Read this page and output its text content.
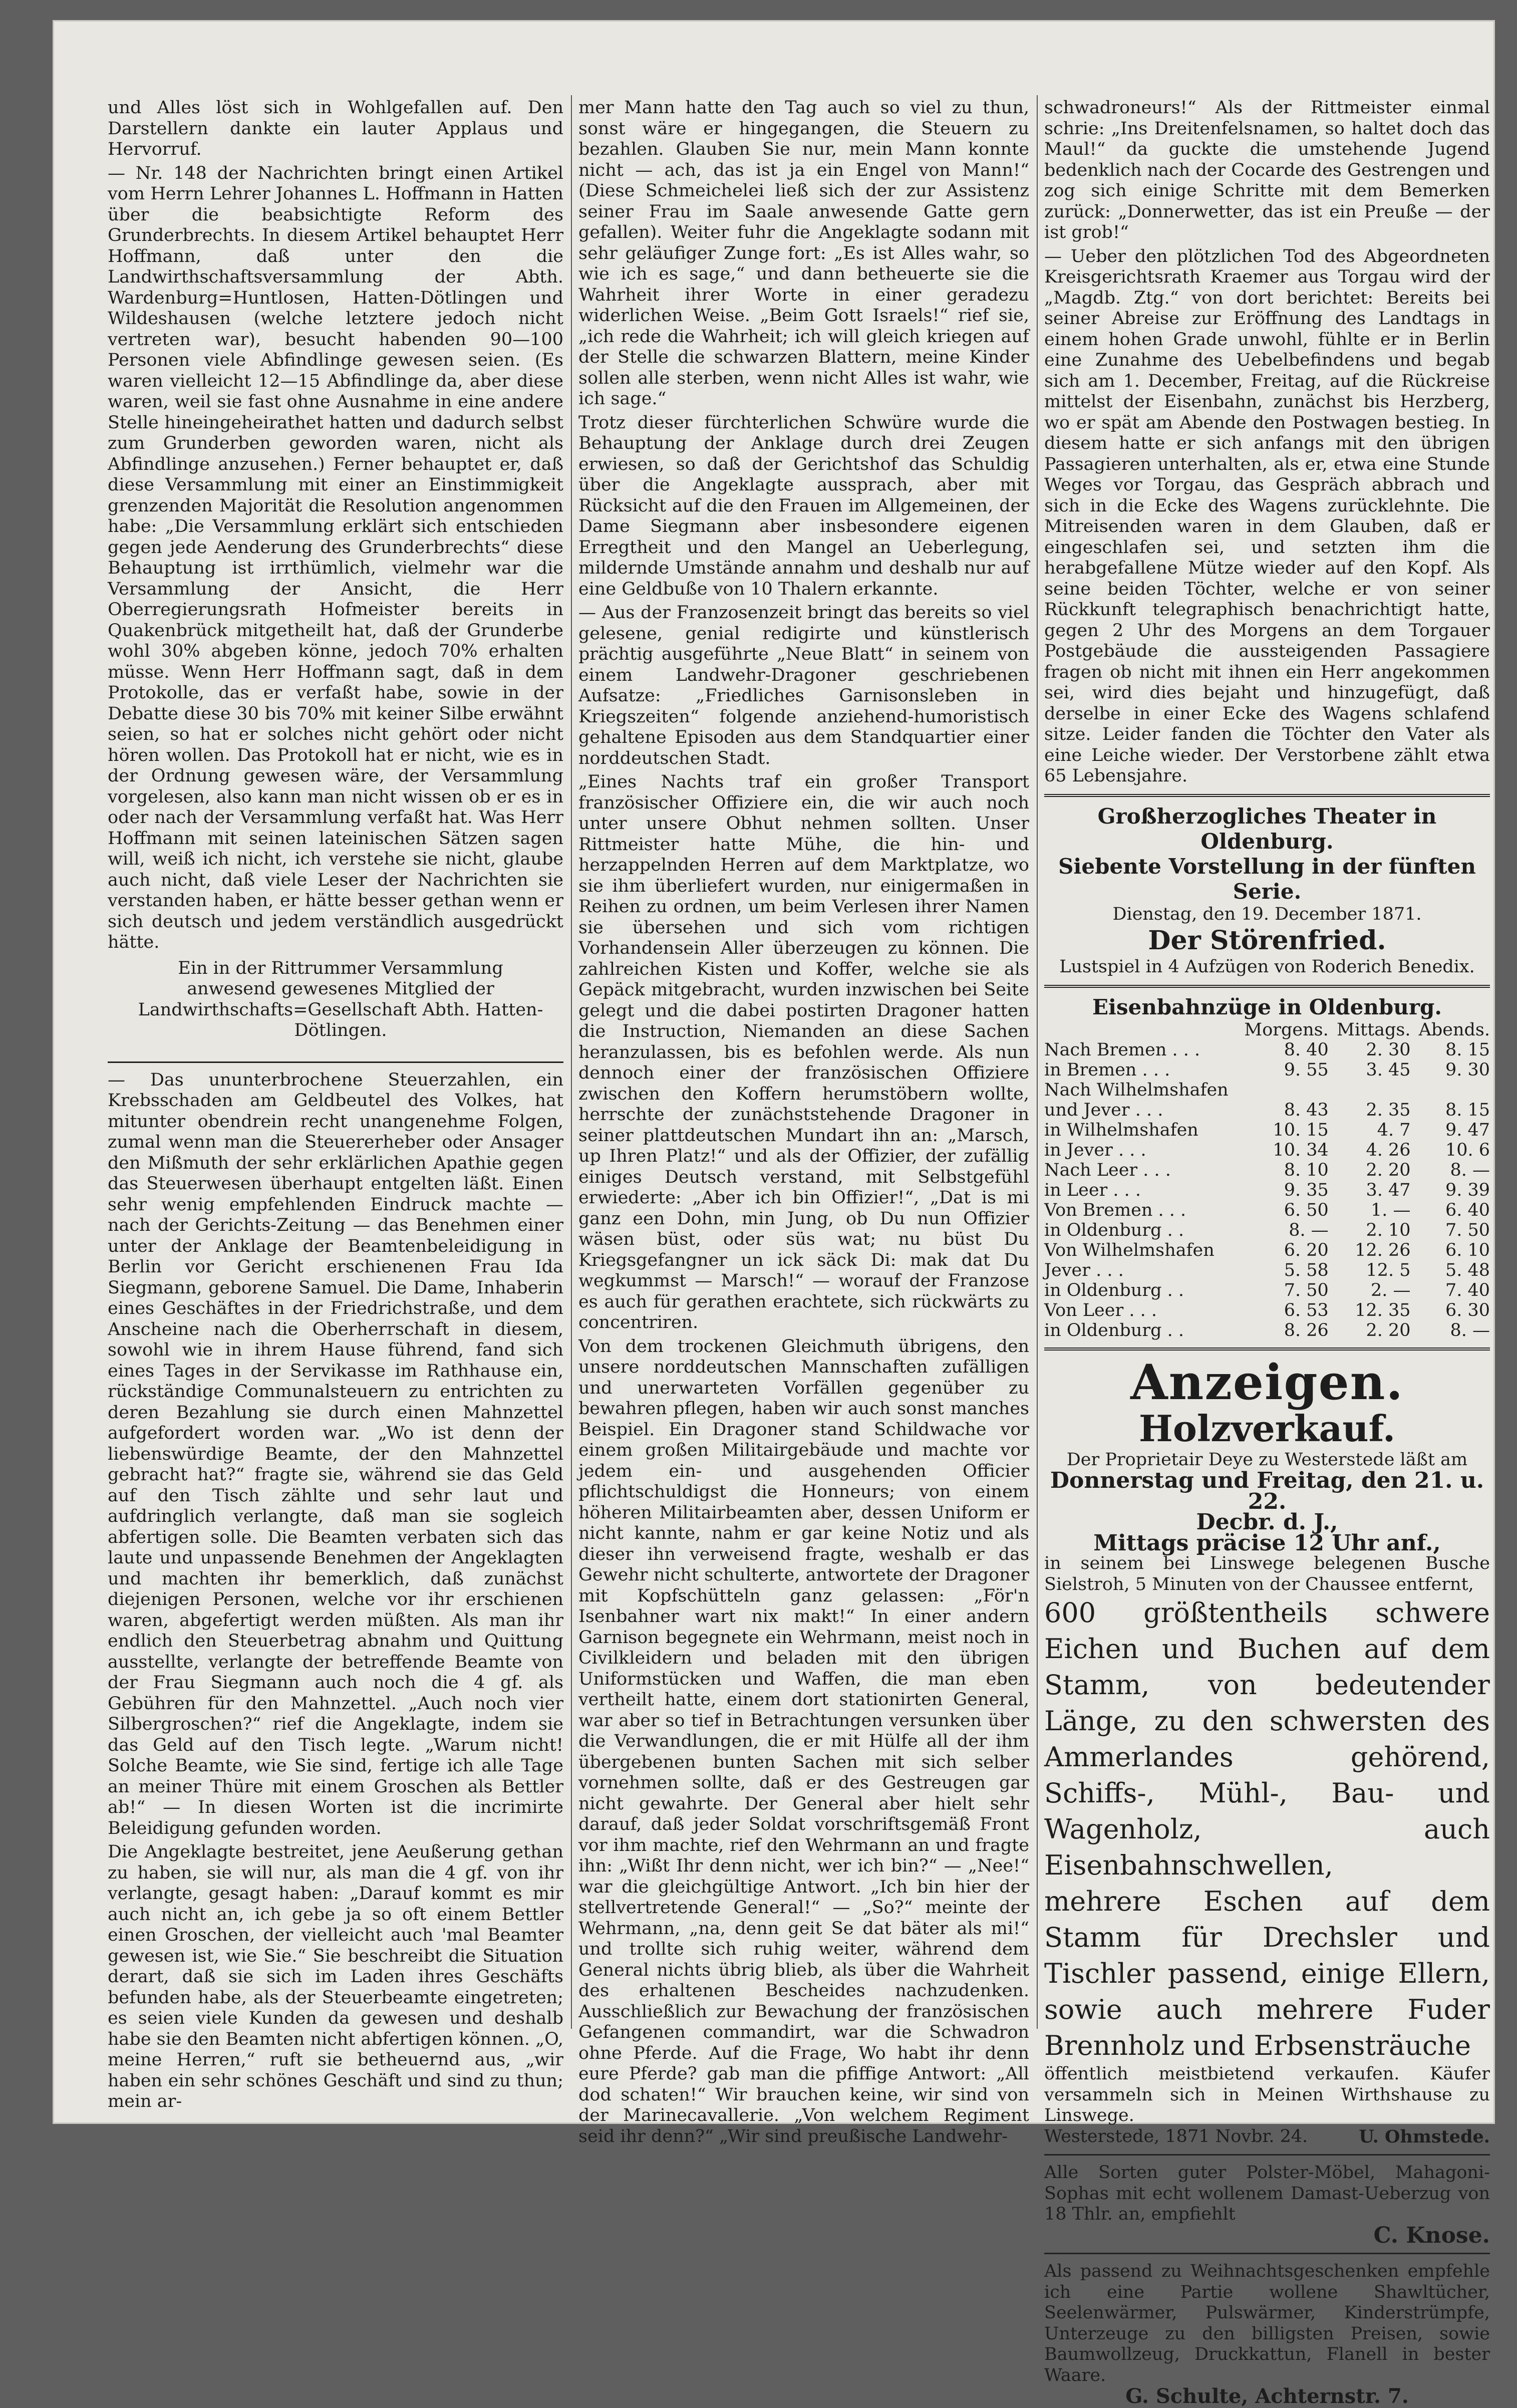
und Alles löst sich in Wohlgefallen auf. Den Darstellern dankte ein lauter Applaus und Hervorruf.

— Nr. 148 der Nachrichten bringt einen Artikel vom Herrn Lehrer Johannes L. Hoffmann in Hatten über die beabsichtigte Reform des Grunderbrechts. In diesem Artikel behauptet Herr Hoffmann, daß unter den die Landwirthschaftsversammlung der Abth. Wardenburg=Huntlosen, Hatten-Dötlingen und Wildeshausen (welche letztere jedoch nicht vertreten war), besucht habenden 90—100 Personen viele Abfindlinge gewesen seien. (Es waren vielleicht 12—15 Abfindlinge da, aber diese waren, weil sie fast ohne Ausnahme in eine andere Stelle hineingeheirathet hatten und dadurch selbst zum Grunderben geworden waren, nicht als Abfindlinge anzusehen.) Ferner behauptet er, daß diese Versammlung mit einer an Einstimmigkeit grenzenden Majorität die Resolution angenommen habe: „Die Versammlung erklärt sich entschieden gegen jede Aenderung des Grunderbrechts“ diese Behauptung ist irrthümlich, vielmehr war die Versammlung der Ansicht, die Herr Oberregierungsrath Hofmeister bereits in Quakenbrück mitgetheilt hat, daß der Grunderbe wohl 30% abgeben könne, jedoch 70% erhalten müsse. Wenn Herr Hoffmann sagt, daß in dem Protokolle, das er verfaßt habe, sowie in der Debatte diese 30 bis 70% mit keiner Silbe erwähnt seien, so hat er solches nicht gehört oder nicht hören wollen. Das Protokoll hat er nicht, wie es in der Ordnung gewesen wäre, der Versammlung vorgelesen, also kann man nicht wissen ob er es in oder nach der Versammlung verfaßt hat. Was Herr Hoffmann mit seinen lateinischen Sätzen sagen will, weiß ich nicht, ich verstehe sie nicht, glaube auch nicht, daß viele Leser der Nachrichten sie verstanden haben, er hätte besser gethan wenn er sich deutsch und jedem verständlich ausgedrückt hätte.

Ein in der Rittrummer Versammlung anwesend gewesenes Mitglied der Landwirthschafts=Gesellschaft Abth. Hatten-Dötlingen.

— Das ununterbrochene Steuerzahlen, ein Krebsschaden am Geldbeutel des Volkes, hat mitunter obendrein recht unangenehme Folgen, zumal wenn man die Steuererheber oder Ansager den Mißmuth der sehr erklärlichen Apathie gegen das Steuerwesen überhaupt entgelten läßt. Einen sehr wenig empfehlenden Eindruck machte — nach der Gerichts-Zeitung — das Benehmen einer unter der Anklage der Beamtenbeleidigung in Berlin vor Gericht erschienenen Frau Ida Siegmann, geborene Samuel. Die Dame, Inhaberin eines Geschäftes in der Friedrichstraße, und dem Anscheine nach die Oberherrschaft in diesem, sowohl wie in ihrem Hause führend, fand sich eines Tages in der Servikasse im Rathhause ein, rückständige Communalsteuern zu entrichten zu deren Bezahlung sie durch einen Mahnzettel aufgefordert worden war. „Wo ist denn der liebenswürdige Beamte, der den Mahnzettel gebracht hat?“ fragte sie, während sie das Geld auf den Tisch zählte und sehr laut und aufdringlich verlangte, daß man sie sogleich abfertigen solle. Die Beamten verbaten sich das laute und unpassende Benehmen der Angeklagten und machten ihr bemerklich, daß zunächst diejenigen Personen, welche vor ihr erschienen waren, abgefertigt werden müßten. Als man ihr endlich den Steuerbetrag abnahm und Quittung ausstellte, verlangte der betreffende Beamte von der Frau Siegmann auch noch die 4 gf. als Gebühren für den Mahnzettel. „Auch noch vier Silbergroschen?“ rief die Angeklagte, indem sie das Geld auf den Tisch legte. „Warum nicht! Solche Beamte, wie Sie sind, fertige ich alle Tage an meiner Thüre mit einem Groschen als Bettler ab!“ — In diesen Worten ist die incrimirte Beleidigung gefunden worden.

Die Angeklagte bestreitet, jene Aeußerung gethan zu haben, sie will nur, als man die 4 gf. von ihr verlangte, gesagt haben: „Darauf kommt es mir auch nicht an, ich gebe ja so oft einem Bettler einen Groschen, der vielleicht auch 'mal Beamter gewesen ist, wie Sie.“ Sie beschreibt die Situation derart, daß sie sich im Laden ihres Geschäfts befunden habe, als der Steuerbeamte eingetreten; es seien viele Kunden da gewesen und deshalb habe sie den Beamten nicht abfertigen können. „O, meine Herren,“ ruft sie betheuernd aus, „wir haben ein sehr schönes Geschäft und sind zu thun; mein ar-

mer Mann hatte den Tag auch so viel zu thun, sonst wäre er hingegangen, die Steuern zu bezahlen. Glauben Sie nur, mein Mann konnte nicht — ach, das ist ja ein Engel von Mann!“ (Diese Schmeichelei ließ sich der zur Assistenz seiner Frau im Saale anwesende Gatte gern gefallen). Weiter fuhr die Angeklagte sodann mit sehr geläufiger Zunge fort: „Es ist Alles wahr, so wie ich es sage,“ und dann betheuerte sie die Wahrheit ihrer Worte in einer geradezu widerlichen Weise. „Beim Gott Israels!“ rief sie, „ich rede die Wahrheit; ich will gleich kriegen auf der Stelle die schwarzen Blattern, meine Kinder sollen alle sterben, wenn nicht Alles ist wahr, wie ich sage.“

Trotz dieser fürchterlichen Schwüre wurde die Behauptung der Anklage durch drei Zeugen erwiesen, so daß der Gerichtshof das Schuldig über die Angeklagte aussprach, aber mit Rücksicht auf die den Frauen im Allgemeinen, der Dame Siegmann aber insbesondere eigenen Erregtheit und den Mangel an Ueberlegung, mildernde Umstände annahm und deshalb nur auf eine Geldbuße von 10 Thalern erkannte.

— Aus der Franzosenzeit bringt das bereits so viel gelesene, genial redigirte und künstlerisch prächtig ausgeführte „Neue Blatt“ in seinem von einem Landwehr-Dragoner geschriebenen Aufsatze: „Friedliches Garnisonsleben in Kriegszeiten“ folgende anziehend-humoristisch gehaltene Episoden aus dem Standquartier einer norddeutschen Stadt.

„Eines Nachts traf ein großer Transport französischer Offiziere ein, die wir auch noch unter unsere Obhut nehmen sollten. Unser Rittmeister hatte Mühe, die hin- und herzappelnden Herren auf dem Marktplatze, wo sie ihm überliefert wurden, nur einigermaßen in Reihen zu ordnen, um beim Verlesen ihrer Namen sie übersehen und sich vom richtigen Vorhandensein Aller überzeugen zu können. Die zahlreichen Kisten und Koffer, welche sie als Gepäck mitgebracht, wurden inzwischen bei Seite gelegt und die dabei postirten Dragoner hatten die Instruction, Niemanden an diese Sachen heranzulassen, bis es befohlen werde. Als nun dennoch einer der französischen Offiziere zwischen den Koffern herumstöbern wollte, herrschte der zunächststehende Dragoner in seiner plattdeutschen Mundart ihn an: „Marsch, up Ihren Platz!“ und als der Offizier, der zufällig einiges Deutsch verstand, mit Selbstgefühl erwiederte: „Aber ich bin Offizier!“, „Dat is mi ganz een Dohn, min Jung, ob Du nun Offizier wäsen büst, oder süs wat; nu büst Du Kriegsgefangner un ick säck Di: mak dat Du wegkummst — Marsch!“ — worauf der Franzose es auch für gerathen erachtete, sich rückwärts zu concentriren.

Von dem trockenen Gleichmuth übrigens, den unsere norddeutschen Mannschaften zufälligen und unerwarteten Vorfällen gegenüber zu bewahren pflegen, haben wir auch sonst manches Beispiel. Ein Dragoner stand Schildwache vor einem großen Militairgebäude und machte vor jedem ein- und ausgehenden Officier pflichtschuldigst die Honneurs; von einem höheren Militairbeamten aber, dessen Uniform er nicht kannte, nahm er gar keine Notiz und als dieser ihn verweisend fragte, weshalb er das Gewehr nicht schulterte, antwortete der Dragoner mit Kopfschütteln ganz gelassen: „För'n Isenbahner wart nix makt!“ In einer andern Garnison begegnete ein Wehrmann, meist noch in Civilkleidern und beladen mit den übrigen Uniformstücken und Waffen, die man eben vertheilt hatte, einem dort stationirten General, war aber so tief in Betrachtungen versunken über die Verwandlungen, die er mit Hülfe all der ihm übergebenen bunten Sachen mit sich selber vornehmen sollte, daß er des Gestreugen gar nicht gewahrte. Der General aber hielt sehr darauf, daß jeder Soldat vorschriftsgemäß Front vor ihm machte, rief den Wehrmann an und fragte ihn: „Wißt Ihr denn nicht, wer ich bin?“ — „Nee!“ war die gleichgültige Antwort. „Ich bin hier der stellvertretende General!“ — „So?“ meinte der Wehrmann, „na, denn geit Se dat bäter als mi!“ und trollte sich ruhig weiter, während dem General nichts übrig blieb, als über die Wahrheit des erhaltenen Bescheides nachzudenken. Ausschließlich zur Bewachung der französischen Gefangenen commandirt, war die Schwadron ohne Pferde. Auf die Frage, Wo habt ihr denn eure Pferde? gab man die pfiffige Antwort: „All dod schaten!“ Wir brauchen keine, wir sind von der Marinecavallerie. „Von welchem Regiment seid ihr denn?“ „Wir sind preußische Landwehr-

schwadroneurs!“ Als der Rittmeister einmal schrie: „Ins Dreitenfelsnamen, so haltet doch das Maul!“ da guckte die umstehende Jugend bedenklich nach der Cocarde des Gestrengen und zog sich einige Schritte mit dem Bemerken zurück: „Donnerwetter, das ist ein Preuße — der ist grob!“

— Ueber den plötzlichen Tod des Abgeordneten Kreisgerichtsrath Kraemer aus Torgau wird der „Magdb. Ztg.“ von dort berichtet: Bereits bei seiner Abreise zur Eröffnung des Landtags in einem hohen Grade unwohl, fühlte er in Berlin eine Zunahme des Uebelbefindens und begab sich am 1. December, Freitag, auf die Rückreise mittelst der Eisenbahn, zunächst bis Herzberg, wo er spät am Abende den Postwagen bestieg. In diesem hatte er sich anfangs mit den übrigen Passagieren unterhalten, als er, etwa eine Stunde Weges vor Torgau, das Gespräch abbrach und sich in die Ecke des Wagens zurücklehnte. Die Mitreisenden waren in dem Glauben, daß er eingeschlafen sei, und setzten ihm die herabgefallene Mütze wieder auf den Kopf. Als seine beiden Töchter, welche er von seiner Rückkunft telegraphisch benachrichtigt hatte, gegen 2 Uhr des Morgens an dem Torgauer Postgebäude die aussteigenden Passagiere fragen ob nicht mit ihnen ein Herr angekommen sei, wird dies bejaht und hinzugefügt, daß derselbe in einer Ecke des Wagens schlafend sitze. Leider fanden die Töchter den Vater als eine Leiche wieder. Der Verstorbene zählt etwa 65 Lebensjahre.

Großherzogliches Theater in Oldenburg.
Siebente Vorstellung in der fünften Serie.
Dienstag, den 19. December 1871.
Der Störenfried.
Lustspiel in 4 Aufzügen von Roderich Benedix.
Eisenbahnzüge in Oldenburg.
	Morgens.	Mittags.	Abends.
Nach Bremen . . .	8. 40	2. 30	8. 15
in Bremen . . .	9. 55	3. 45	9. 30
Nach Wilhelmshafen			
und Jever . . .	8. 43	2. 35	8. 15
in Wilhelmshafen	10. 15	4. 7	9. 47
in Jever . . .	10. 34	4. 26	10. 6
Nach Leer . . .	8. 10	2. 20	8. —
in Leer . . .	9. 35	3. 47	9. 39
Von Bremen . . .	6. 50	1. —	6. 40
in Oldenburg . .	8. —	2. 10	7. 50
Von Wilhelmshafen	6. 20	12. 26	6. 10
Jever . . .	5. 58	12. 5	5. 48
in Oldenburg . .	7. 50	2. —	7. 40
Von Leer . . .	6. 53	12. 35	6. 30
in Oldenburg . .	8. 26	2. 20	8. —
Anzeigen.
Holzverkauf.
Der Proprietair Deye zu Westerstede läßt am
Donnerstag und Freitag, den 21. u. 22.
Decbr. d. J.,
Mittags präcise 12 Uhr anf.,
in seinem bei Linswege belegenen Busche Sielstroh, 5 Minuten von der Chaussee entfernt,
600 größtentheils schwere Eichen und Buchen auf dem Stamm, von bedeutender Länge, zu den schwersten des Ammerlandes gehörend, Schiffs-, Mühl-, Bau- und Wagenholz, auch Eisenbahnschwellen,
mehrere Eschen auf dem Stamm für Drechsler und Tischler passend, einige Ellern, sowie auch mehrere Fuder Brennholz und Erbsensträuche
öffentlich meistbietend verkaufen. Käufer versammeln sich in Meinen Wirthshause zu Linswege.
Westerstede, 1871 Novbr. 24.	U. Ohmstede.
Alle Sorten guter Polster-Möbel, Mahagoni-Sophas mit echt wollenem Damast-Ueberzug von 18 Thlr. an, empfiehlt
C. Knose.
Als passend zu Weihnachtsgeschenken empfehle ich eine Partie wollene Shawltücher, Seelenwärmer, Pulswärmer, Kinderstrümpfe, Unterzeuge zu den billigsten Preisen, sowie Baumwollzeug, Druckkattun, Flanell in bester Waare.
G. Schulte, Achternstr. 7.
